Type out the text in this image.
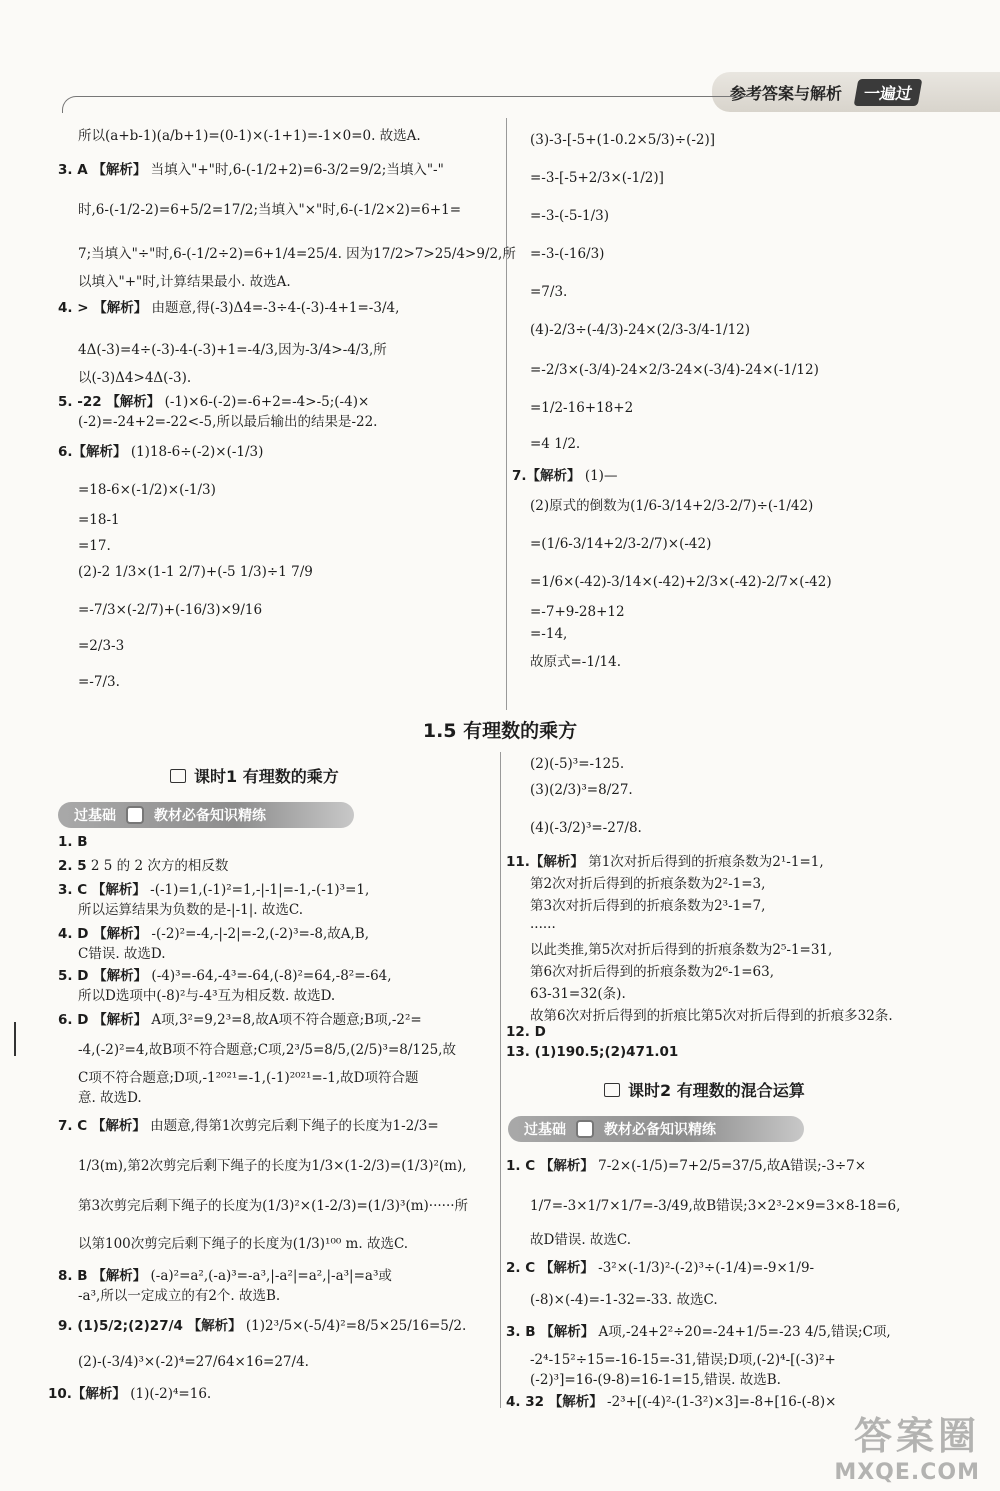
参考答案与解析	一遍过
所以(a+b-1)(a/b+1)=(0-1)×(-1+1)=-1×0=0. 故选A.
3. A 【解析】 当填入"+"时,6-(-1/2+2)=6-3/2=9/2;当填入"-"
时,6-(-1/2-2)=6+5/2=17/2;当填入"×"时,6-(-1/2×2)=6+1=
7;当填入"÷"时,6-(-1/2÷2)=6+1/4=25/4. 因为17/2>7>25/4>9/2,所
以填入"+"时,计算结果最小. 故选A.
4. > 【解析】 由题意,得(-3)Δ4=-3÷4-(-3)-4+1=-3/4,
4Δ(-3)=4÷(-3)-4-(-3)+1=-4/3,因为-3/4>-4/3,所
以(-3)Δ4>4Δ(-3).
5. -22 【解析】 (-1)×6-(-2)=-6+2=-4>-5;(-4)×
(-2)=-24+2=-22<-5,所以最后输出的结果是-22.
6.【解析】 (1)18-6÷(-2)×(-1/3)
=18-6×(-1/2)×(-1/3)
=18-1
=17.
(2)-2 1/3×(1-1 2/7)+(-5 1/3)÷1 7/9
=-7/3×(-2/7)+(-16/3)×9/16
=2/3-3
=-7/3.
(3)-3-[-5+(1-0.2×5/3)÷(-2)]
=-3-[-5+2/3×(-1/2)]
=-3-(-5-1/3)
=-3-(-16/3)
=7/3.
(4)-2/3÷(-4/3)-24×(2/3-3/4-1/12)
=-2/3×(-3/4)-24×2/3-24×(-3/4)-24×(-1/12)
=1/2-16+18+2
=4 1/2.
7.【解析】 (1)—
(2)原式的倒数为(1/6-3/14+2/3-2/7)÷(-1/42)
=(1/6-3/14+2/3-2/7)×(-42)
=1/6×(-42)-3/14×(-42)+2/3×(-42)-2/7×(-42)
=-7+9-28+12
=-14,
故原式=-1/14.
1.5 有理数的乘方
课时1 有理数的乘方
过基础	教材必备知识精练
课时2 有理数的混合运算
过基础	教材必备知识精练
1. B
2. 5 2 5 的 2 次方的相反数
3. C 【解析】 -(-1)=1,(-1)²=1,-|-1|=-1,-(-1)³=1,
所以运算结果为负数的是-|-1|. 故选C.
4. D 【解析】 -(-2)²=-4,-|-2|=-2,(-2)³=-8,故A,B,
C错误. 故选D.
5. D 【解析】 (-4)³=-64,-4³=-64,(-8)²=64,-8²=-64,
所以D选项中(-8)²与-4³互为相反数. 故选D.
6. D 【解析】 A项,3²=9,2³=8,故A项不符合题意;B项,-2²=
-4,(-2)²=4,故B项不符合题意;C项,2³/5=8/5,(2/5)³=8/125,故
C项不符合题意;D项,-1²⁰²¹=-1,(-1)²⁰²¹=-1,故D项符合题
意. 故选D.
7. C 【解析】 由题意,得第1次剪完后剩下绳子的长度为1-2/3=
1/3(m),第2次剪完后剩下绳子的长度为1/3×(1-2/3)=(1/3)²(m),
第3次剪完后剩下绳子的长度为(1/3)²×(1-2/3)=(1/3)³(m)······所
以第100次剪完后剩下绳子的长度为(1/3)¹⁰⁰ m. 故选C.
8. B 【解析】 (-a)²=a²,(-a)³=-a³,|-a²|=a²,|-a³|=a³或
-a³,所以一定成立的有2个. 故选B.
9. (1)5/2;(2)27/4 【解析】 (1)2³/5×(-5/4)²=8/5×25/16=5/2.
(2)-(-3/4)³×(-2)⁴=27/64×16=27/4.
10.【解析】 (1)(-2)⁴=16.
(2)(-5)³=-125.
(3)(2/3)³=8/27.
(4)(-3/2)³=-27/8.
11.【解析】 第1次对折后得到的折痕条数为2¹-1=1,
第2次对折后得到的折痕条数为2²-1=3,
第3次对折后得到的折痕条数为2³-1=7,
······
以此类推,第5次对折后得到的折痕条数为2⁵-1=31,
第6次对折后得到的折痕条数为2⁶-1=63,
63-31=32(条).
故第6次对折后得到的折痕比第5次对折后得到的折痕多32条.
12. D
13. (1)190.5;(2)471.01
1. C 【解析】 7-2×(-1/5)=7+2/5=37/5,故A错误;-3÷7×
1/7=-3×1/7×1/7=-3/49,故B错误;3×2³-2×9=3×8-18=6,
故D错误. 故选C.
2. C 【解析】 -3²×(-1/3)²-(-2)³÷(-1/4)=-9×1/9-
(-8)×(-4)=-1-32=-33. 故选C.
3. B 【解析】 A项,-24+2²÷20=-24+1/5=-23 4/5,错误;C项,
-2⁴-15²÷15=-16-15=-31,错误;D项,(-2)⁴-[(-3)²+
(-2)³]=16-(9-8)=16-1=15,错误. 故选B.
4. 32 【解析】 -2³+[(-4)²-(1-3²)×3]=-8+[16-(-8)×
答案圈
MXQE.COM
